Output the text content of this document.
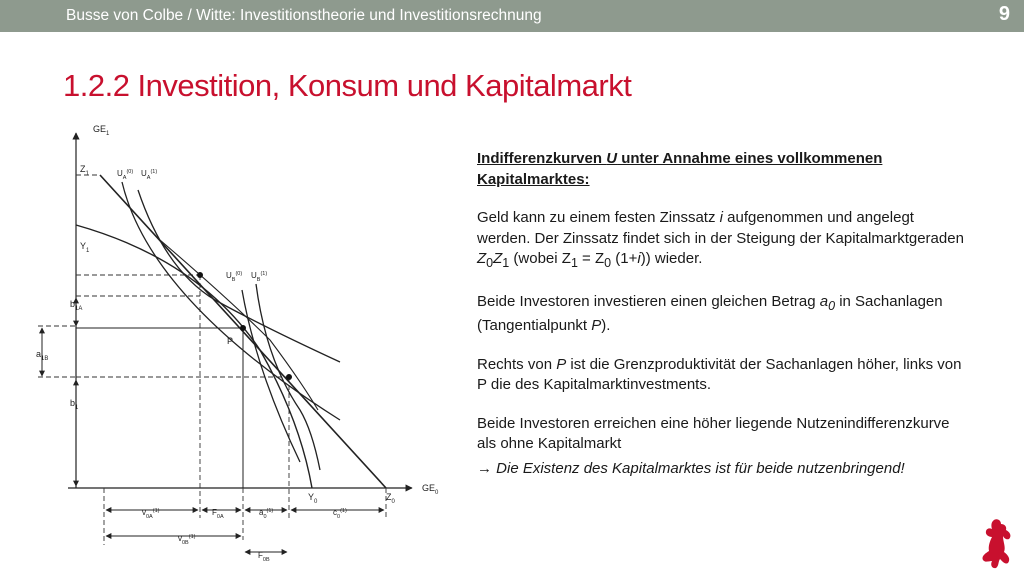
Busse von Colbe / Witte: Investitionstheorie und Investitionsrechnung	9
1.2.2 Investition, Konsum und Kapitalmarkt
$GE_1$
$GE_0$
$Z_1$
$Y_1$
$b_{1A}$
$a_{1B}$
$b_1$
$Y_0$	$Z_0$
P
$U_A^{(0)}$ $U_A^{(1)}$
$U_B^{(0)}$ $U_B^{(1)}$
$v_{0A}^{(1)}$	$F_{0A}$	$a_0^{(1)}$	$c_0^{(1)}$
$v_{0B}^{(1)}$
$F_{0B}$

Indifferenzkurven U unter Annahme eines vollkommenen Kapitalmarktes:

Geld kann zu einem festen Zinssatz i aufgenommen und angelegt werden. Der Zinssatz findet sich in der Steigung der Kapitalmarktgeraden $Z_0Z_1$ (wobei $Z_1 = Z_0$ (1+i)) wieder.

Beide Investoren investieren einen gleichen Betrag $a_0$ in Sachanlagen (Tangentialpunkt P).

Rechts von P ist die Grenzproduktivität der Sachanlagen höher, links von P die des Kapitalmarktinvestments.

Beide Investoren erreichen eine höher liegende Nutzenindifferenzkurve als ohne Kapitalmarkt

→ Die Existenz des Kapitalmarktes ist für beide nutzenbringend!
